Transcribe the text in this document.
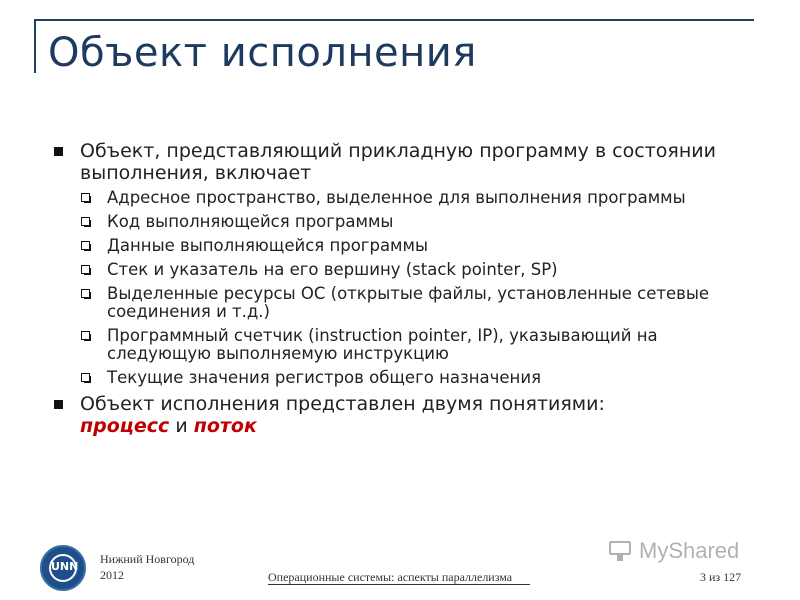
Объект исполнения
Объект, представляющий прикладную программу в состоянии выполнения, включает
Адресное пространство, выделенное для выполнения программы
Код выполняющейся программы
Данные выполняющейся программы
Стек и указатель на его вершину (stack pointer, SP)
Выделенные ресурсы ОС (открытые файлы, установленные сетевые соединения и т.д.)
Программный счетчик (instruction pointer, IP), указывающий на следующую выполняемую инструкцию
Текущие значения регистров общего назначения
Объект исполнения представлен двумя понятиями:
процесс и поток
UNN
Нижний Новгород
2012	Операционные системы: аспекты параллелизма	3 из 127
MyShared
